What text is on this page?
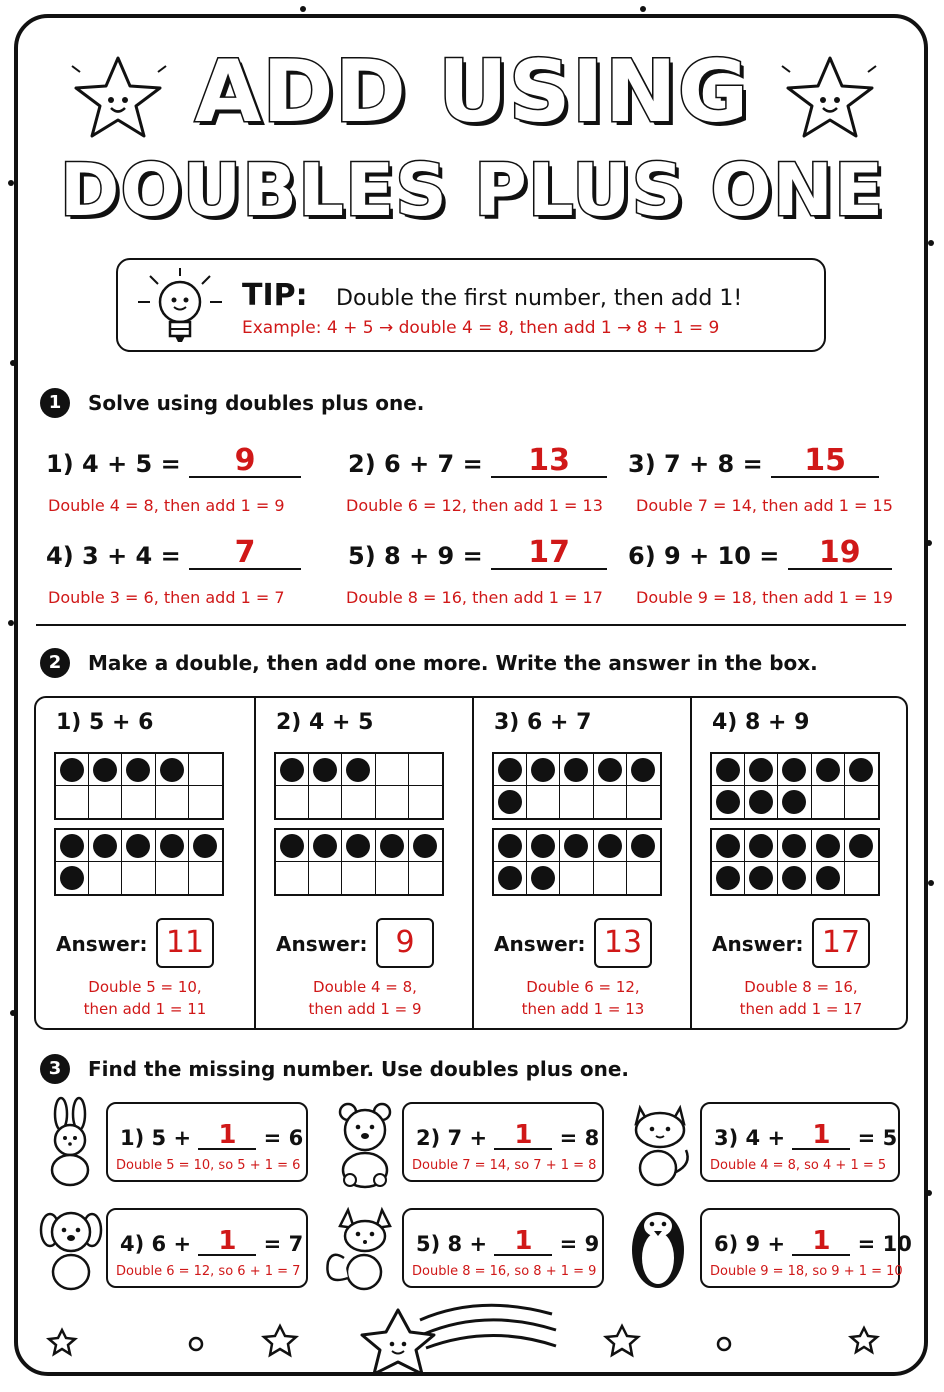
ADD USING
DOUBLES PLUS ONE
TIP: Double the first number, then add 1!
Example: 4 + 5 → double 4 = 8, then add 1 → 8 + 1 = 9
1	Solve using doubles plus one.
1) 4 + 5 = 9
Double 4 = 8, then add 1 = 9
2) 6 + 7 = 13
Double 6 = 12, then add 1 = 13
3) 7 + 8 = 15
Double 7 = 14, then add 1 = 15
4) 3 + 4 = 7
Double 3 = 6, then add 1 = 7
5) 8 + 9 = 17
Double 8 = 16, then add 1 = 17
6) 9 + 10 = 19
Double 9 = 18, then add 1 = 19
2	Make a double, then add one more. Write the answer in the box.
1) 5 + 6
Answer: 11
Double 5 = 10,
then add 1 = 11
2) 4 + 5
Answer: 9
Double 4 = 8,
then add 1 = 9
3) 6 + 7
Answer: 13
Double 6 = 12,
then add 1 = 13
4) 8 + 9
Answer: 17
Double 8 = 16,
then add 1 = 17
3	Find the missing number. Use doubles plus one.
1) 5 + 1 = 6
Double 5 = 10, so 5 + 1 = 6
2) 7 + 1 = 8
Double 7 = 14, so 7 + 1 = 8
3) 4 + 1 = 5
Double 4 = 8, so 4 + 1 = 5
4) 6 + 1 = 7
Double 6 = 12, so 6 + 1 = 7
5) 8 + 1 = 9
Double 8 = 16, so 8 + 1 = 9
6) 9 + 1 = 10
Double 9 = 18, so 9 + 1 = 10
